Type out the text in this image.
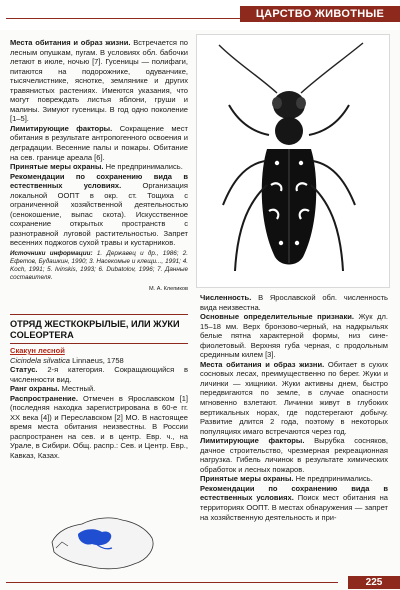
ЦАРСТВО ЖИВОТНЫЕ

Места обитания и образ жизни. Встречается по лесным опушкам, пугам. В условиях обл. бабочки летают в июле, ночью [7]. Гусеницы — полифаги, питаются на подорожнике, одуванчике, тысячелистнике, ясноткe, землянике и других травянистых растениях. Имеются указания, что могут повреждать листья яблони, груши и малины. Зимуют гусеницы. В год одно поколение [1–5].

Лимитирующие факторы. Сокращение мест обитания в результате антропогенного освоения и деградации. Весенние палы и пожары. Обитание на сев. границе ареала [6].

Принятые меры охраны. Не предпринимались.

Рекомендации по сохранению вида в естественных условиях.	Организация локальной ООПТ в окр. ст. Тощиха с ограниченной хозяйственной деятельностью (сенокошение, выпас скота). Искусственное сохранение открытых пространств с разнотравной луговой растительностью. Запрет весенних поджогов сухой травы и кустарников.

Источники информации: 1. Державец и др., 1986; 2. Ефетов, Будашкин, 1990; 3. Насекомые и клещи..., 1991; 4. Koch, 1991; 5. Ivinskis, 1993; 6. Dubatolov, 1996; 7. Данные составителя.

М. А. Клепиков
ОТРЯД ЖЕСТКОКРЫЛЫЕ, ИЛИ ЖУКИ COLEOPTERA

Скакун лесной

Cicindela silvatica Linnaeus, 1758

Статус. 2-я категория. Сокращающийся в численности вид.

Ранг охраны. Местный.

Распространение. Отмечен в Ярославском [1] (последняя находка зарегистрирована в 60-е гг. XX века [4]) и Переславском [2] МО. В настоящее время места обитания неизвестны. В России распространен на сев. и в центр. Евр. ч., на Урале, в Сибири. Общ. распр.: Сев. и Центр. Евр., Кавказ, Казах.

Численность. В Ярославской обл. численность вида неизвестна.

Основные определительные признаки. Жук дл. 15–18 мм. Верх бронзово-черный, на надкрыльях белые пятна характерной формы, низ сине-фиолетовый. Верхняя губа черная, с продольным срединным килем [3].

Места обитания и образ жизни. Обитает в сухих сосновых лесах, преимущественно по берег. Жуки и личинки — хищники. Жуки активны днем, быстро передвигаются по земле, в случае опасности мгновенно взлетают. Личинки живут в глубоких вертикальных норах, где подстерегают добычу. Развитие длится 2 года, поэтому в некоторых популяциях имаго встречаются через год.

Лимитирующие факторы. Вырубка сосняков, дачное строительство, чрезмерная рекреационная нагрузка. Гибель личинок в результате химических обработок и лесных пожаров.

Принятые меры охраны. Не предпринимались.

Рекомендации по сохранению вида в естественных условиях. Поиск мест обитания на территориях ООПТ. В местах обнаружения — запрет на хозяйственную деятельность и при-

225
